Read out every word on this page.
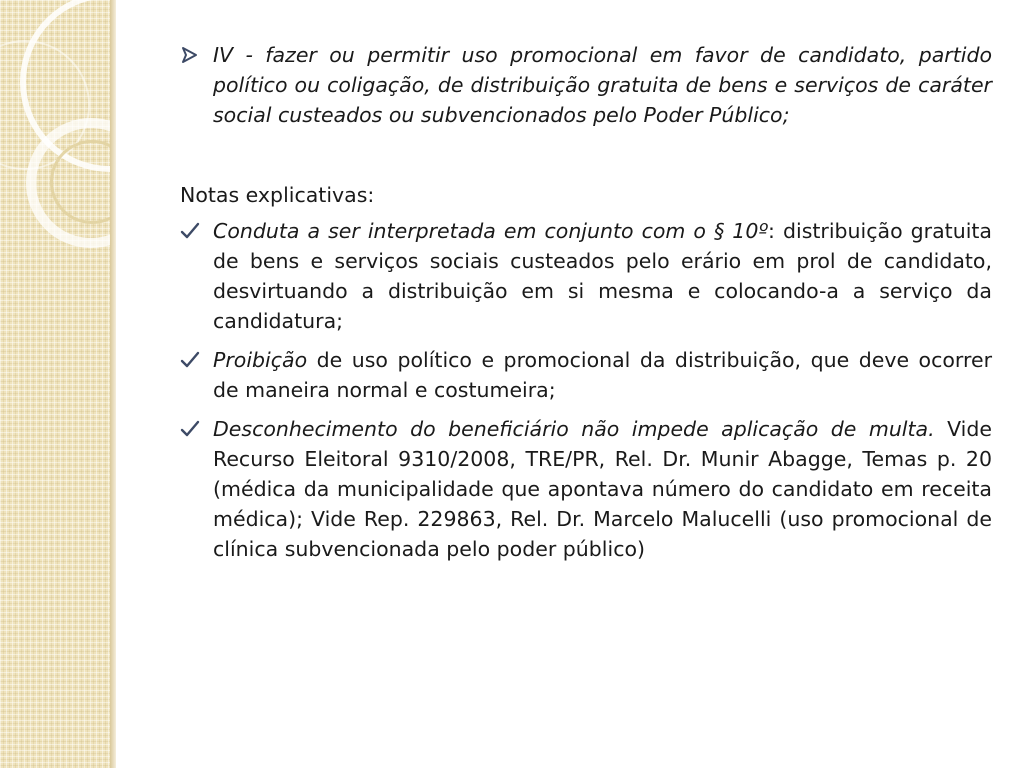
IV - fazer ou permitir uso promocional em favor de candidato, partido político ou coligação, de distribuição gratuita de bens e serviços de caráter social custeados ou subvencionados pelo Poder Público;
Notas explicativas:
Conduta a ser interpretada em conjunto com o § 10º: distribuição gratuita de bens e serviços sociais custeados pelo erário em prol de candidato, desvirtuando a distribuição em si mesma e colocando-a a serviço da candidatura;
Proibição de uso político e promocional da distribuição, que deve ocorrer de maneira normal e costumeira;
Desconhecimento do beneficiário não impede aplicação de multa. Vide Recurso Eleitoral 9310/2008, TRE/PR, Rel. Dr. Munir Abagge, Temas p. 20 (médica da municipalidade que apontava número do candidato em receita médica); Vide Rep. 229863, Rel. Dr. Marcelo Malucelli (uso promocional de clínica subvencionada pelo poder público)
